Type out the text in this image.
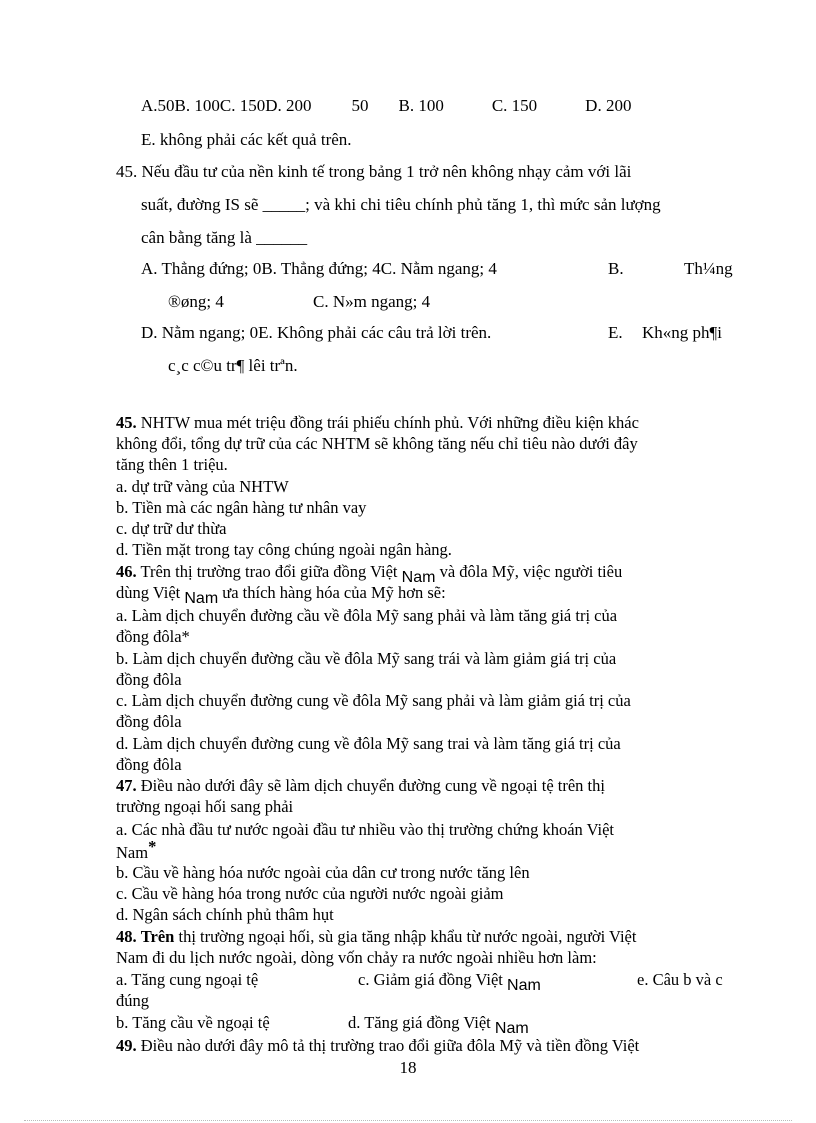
A.50B. 100C. 150D. 200 50 B. 100	C. 150	D. 200
E. không phải các kết quả trên.
45. Nếu đầu tư của nền kinh tế trong bảng 1 trở nên không nhạy cảm với lãi
suất, đường IS sẽ _____; và khi chi tiêu chính phủ tăng 1, thì mức sản lượng
cân bằng tăng là ______
A. Thẳng đứng; 0B. Thẳng đứng; 4C. Nằm ngang; 4	B.	Th¼ng
®øng; 4	C. N»m ngang; 4
D. Nằm ngang; 0E. Không phải các câu trả lời trên.	E. Kh«ng ph¶i
c¸c c©u tr¶ lêi trªn.
45. NHTW mua mét triệu đồng trái phiếu chính phủ. Với những điều kiện khác
không đổi, tổng dự trữ của các NHTM sẽ không tăng nếu chỉ tiêu nào dưới đây
tăng thên 1 triệu.
a. dự trữ vàng của NHTW
b. Tiền mà các ngân hàng tư nhân vay
c. dự trữ dư thừa
d. Tiền mặt trong tay công chúng ngoài ngân hàng.
46. Trên thị trường trao đổi giữa đồng Việt Nam và đôla Mỹ, việc người tiêu
dùng Việt Nam ưa thích hàng hóa của Mỹ hơn sẽ:
a. Làm dịch chuyển đường cầu về đôla Mỹ sang phải và làm tăng giá trị của
đồng đôla*
b. Làm dịch chuyển đường cầu về đôla Mỹ sang trái và làm giảm giá trị của
đồng đôla
c. Làm dịch chuyển đường cung về đôla Mỹ sang phải và làm giảm giá trị của
đồng đôla
d. Làm dịch chuyển đường cung về đôla Mỹ sang trai và làm tăng giá trị của
đồng đôla
47. Điều nào dưới đây sẽ làm dịch chuyển đường cung về ngoại tệ trên thị
trường ngoại hối sang phải
a. Các nhà đầu tư nước ngoài đầu tư nhiều vào thị trường chứng khoán Việt
Nam*
b. Cầu về hàng hóa nước ngoài của dân cư trong nước tăng lên
c. Cầu về hàng hóa trong nước của người nước ngoài giảm
d. Ngân sách chính phủ thâm hụt
48. Trên thị trường ngoại hối, sù gia tăng nhập khẩu từ nước ngoài, người Việt
Nam đi du lịch nước ngoài, dòng vốn chảy ra nước ngoài nhiều hơn làm:
a. Tăng cung ngoại tệ	c. Giảm giá đồng Việt Nam	e. Câu b và c
đúng
b. Tăng cầu về ngoại tệ	d. Tăng giá đồng Việt Nam
49. Điều nào dưới đây mô tả thị trường trao đổi giữa đôla Mỹ và tiền đồng Việt
18
